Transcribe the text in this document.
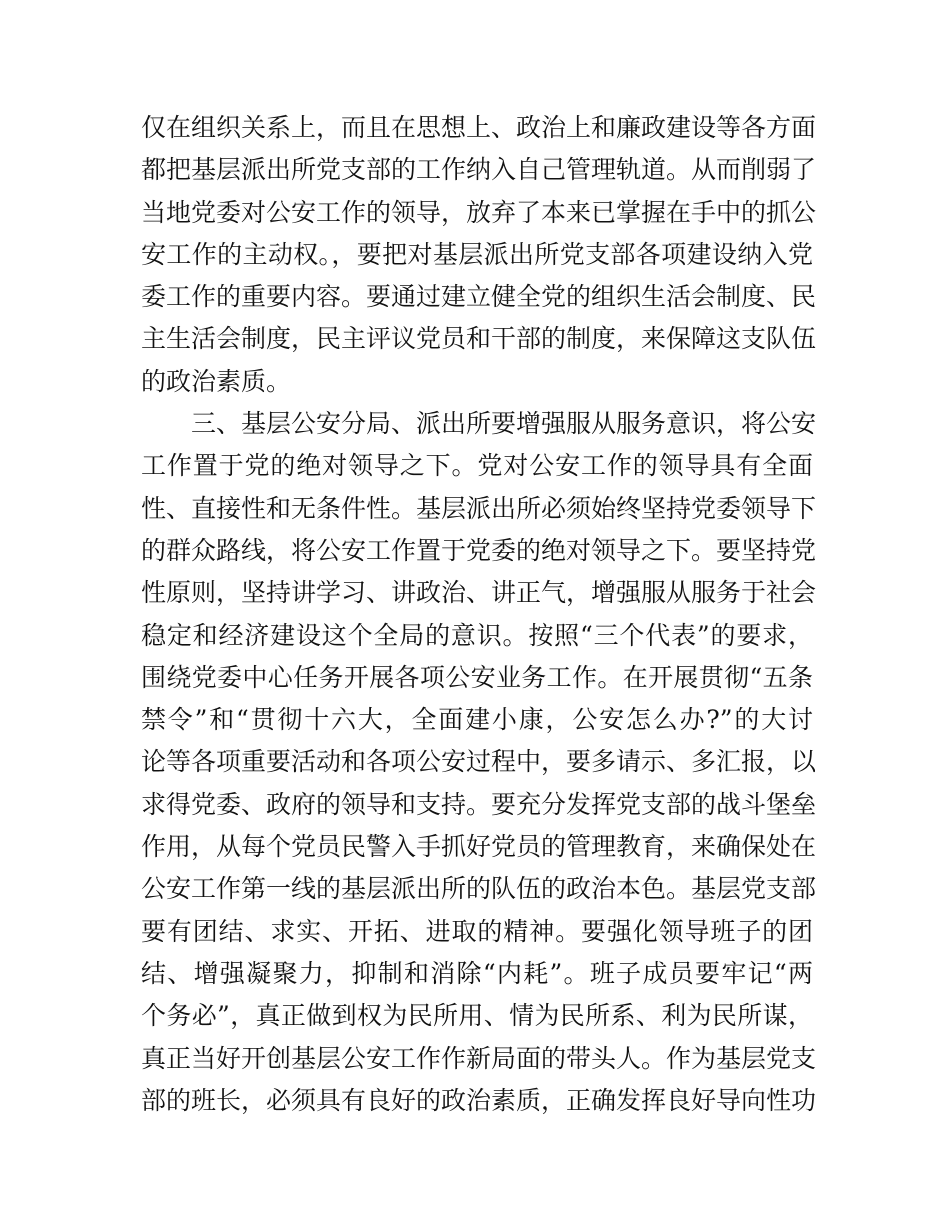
仅在组织关系上，而且在思想上、政治上和廉政建设等各方面
都把基层派出所党支部的工作纳入自己管理轨道。从而削弱了
当地党委对公安工作的领导，放弃了本来已掌握在手中的抓公
安工作的主动权。，要把对基层派出所党支部各项建设纳入党
委工作的重要内容。要通过建立健全党的组织生活会制度、民
主生活会制度，民主评议党员和干部的制度，来保障这支队伍
的政治素质。
三、基层公安分局、派出所要增强服从服务意识，将公安
工作置于党的绝对领导之下。党对公安工作的领导具有全面
性、直接性和无条件性。基层派出所必须始终坚持党委领导下
的群众路线，将公安工作置于党委的绝对领导之下。要坚持党
性原则，坚持讲学习、讲政治、讲正气，增强服从服务于社会
稳定和经济建设这个全局的意识。按照“三个代表”的要求，
围绕党委中心任务开展各项公安业务工作。在开展贯彻“五条
禁令”和“贯彻十六大，全面建小康，公安怎么办?”的大讨
论等各项重要活动和各项公安过程中，要多请示、多汇报，以
求得党委、政府的领导和支持。要充分发挥党支部的战斗堡垒
作用，从每个党员民警入手抓好党员的管理教育，来确保处在
公安工作第一线的基层派出所的队伍的政治本色。基层党支部
要有团结、求实、开拓、进取的精神。要强化领导班子的团
结、增强凝聚力，抑制和消除“内耗”。班子成员要牢记“两
个务必”，真正做到权为民所用、情为民所系、利为民所谋，
真正当好开创基层公安工作作新局面的带头人。作为基层党支
部的班长，必须具有良好的政治素质，正确发挥良好导向性功
